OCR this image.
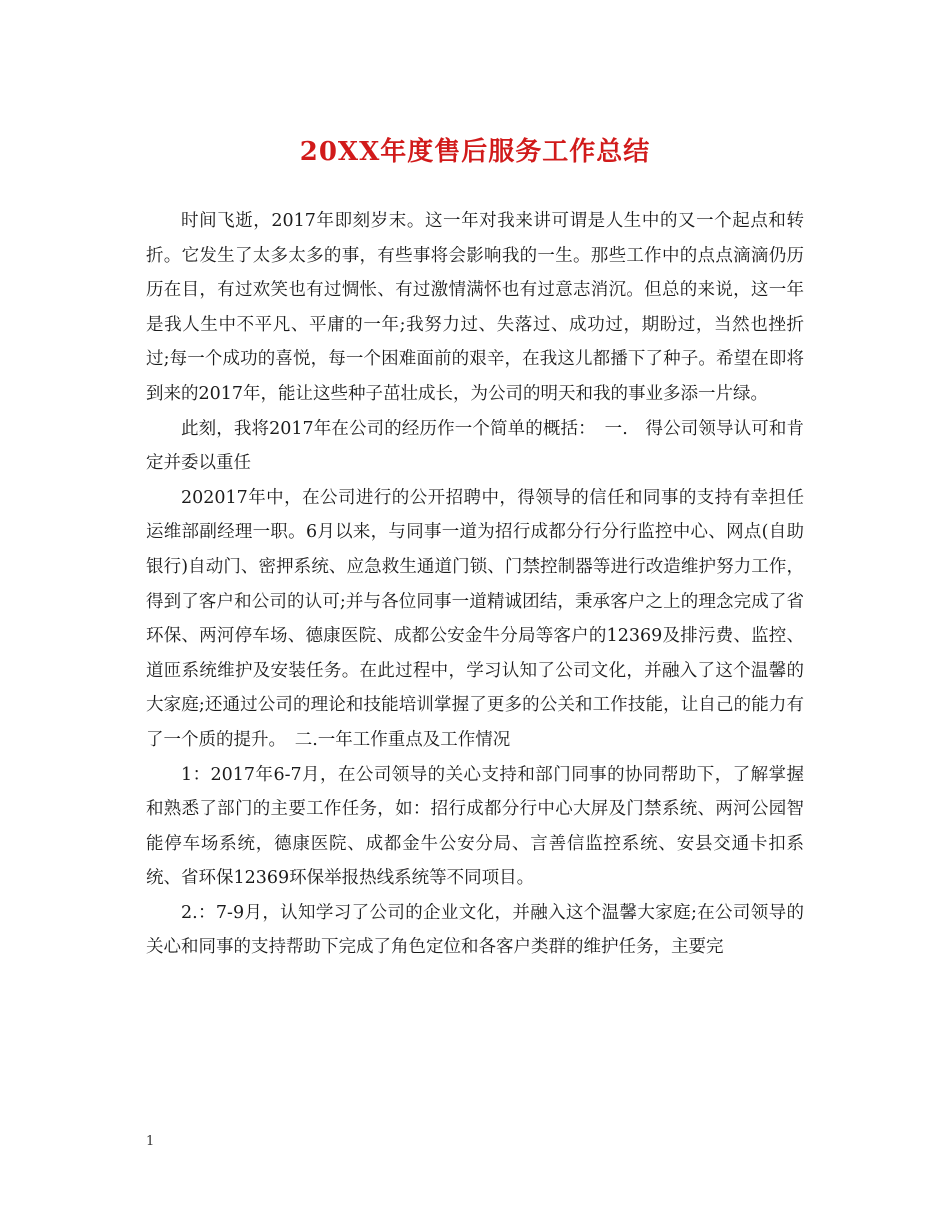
20XX年度售后服务工作总结

时间飞逝，2017年即刻岁末。这一年对我来讲可谓是人生中的又一个起点和转折。它发生了太多太多的事，有些事将会影响我的一生。那些工作中的点点滴滴仍历历在目，有过欢笑也有过惆怅、有过激情满怀也有过意志消沉。但总的来说，这一年是我人生中不平凡、平庸的一年;我努力过、失落过、成功过，期盼过，当然也挫折过;每一个成功的喜悦，每一个困难面前的艰辛，在我这儿都播下了种子。希望在即将到来的2017年，能让这些种子茁壮成长，为公司的明天和我的事业多添一片绿。

此刻，我将2017年在公司的经历作一个简单的概括：　一.　得公司领导认可和肯定并委以重任

202017年中，在公司进行的公开招聘中，得领导的信任和同事的支持有幸担任运维部副经理一职。6月以来，与同事一道为招行成都分行分行监控中心、网点(自助银行)自动门、密押系统、应急救生通道门锁、门禁控制器等进行改造维护努力工作，得到了客户和公司的认可;并与各位同事一道精诚团结，秉承客户之上的理念完成了省环保、两河停车场、德康医院、成都公安金牛分局等客户的12369及排污费、监控、道匝系统维护及安装任务。在此过程中，学习认知了公司文化，并融入了这个温馨的大家庭;还通过公司的理论和技能培训掌握了更多的公关和工作技能，让自己的能力有了一个质的提升。　二.一年工作重点及工作情况

1：2017年6-7月，在公司领导的关心支持和部门同事的协同帮助下，了解掌握和熟悉了部门的主要工作任务，如：招行成都分行中心大屏及门禁系统、两河公园智能停车场系统，德康医院、成都金牛公安分局、言善信监控系统、安县交通卡扣系统、省环保12369环保举报热线系统等不同项目。

2.：7-9月，认知学习了公司的企业文化，并融入这个温馨大家庭;在公司领导的关心和同事的支持帮助下完成了角色定位和各客户类群的维护任务，主要完

1
